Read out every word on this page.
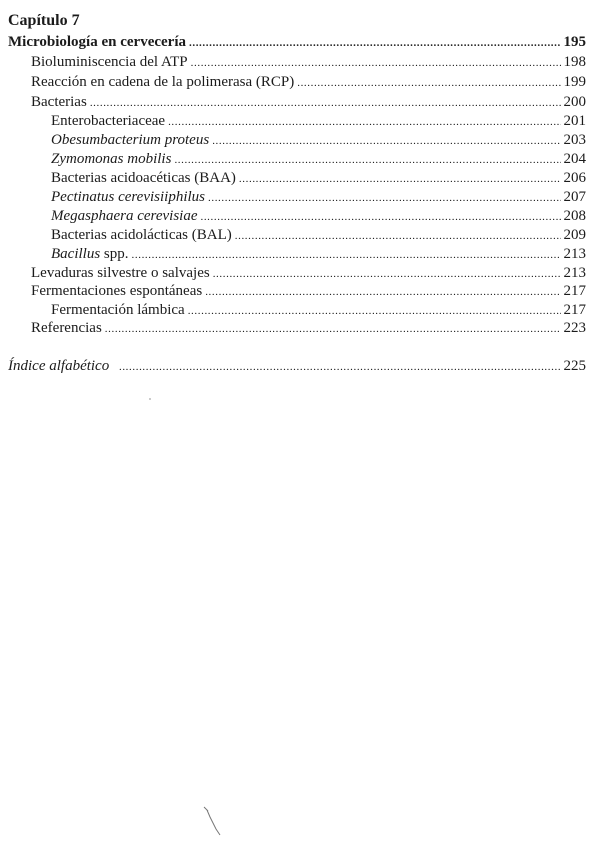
Capítulo 7
Microbiología en cervecería .....	195
Bioluminiscencia del ATP .....	198
Reacción en cadena de la polimerasa (RCP) .....	199
Bacterias .....	200
Enterobacteriaceae .....	201
Obesumbacterium proteus .....	203
Zymomonas mobilis .....	204
Bacterias acidoacéticas (BAA) .....	206
Pectinatus cerevisiiphilus .....	207
Megasphaera cerevisiae .....	208
Bacterias acidolácticas (BAL) .....	209
Bacillus spp. .....	213
Levaduras silvestre o salvajes .....	213
Fermentaciones espontáneas .....	217
Fermentación lámbica .....	217
Referencias .....	223
Índice alfabético .....	225
